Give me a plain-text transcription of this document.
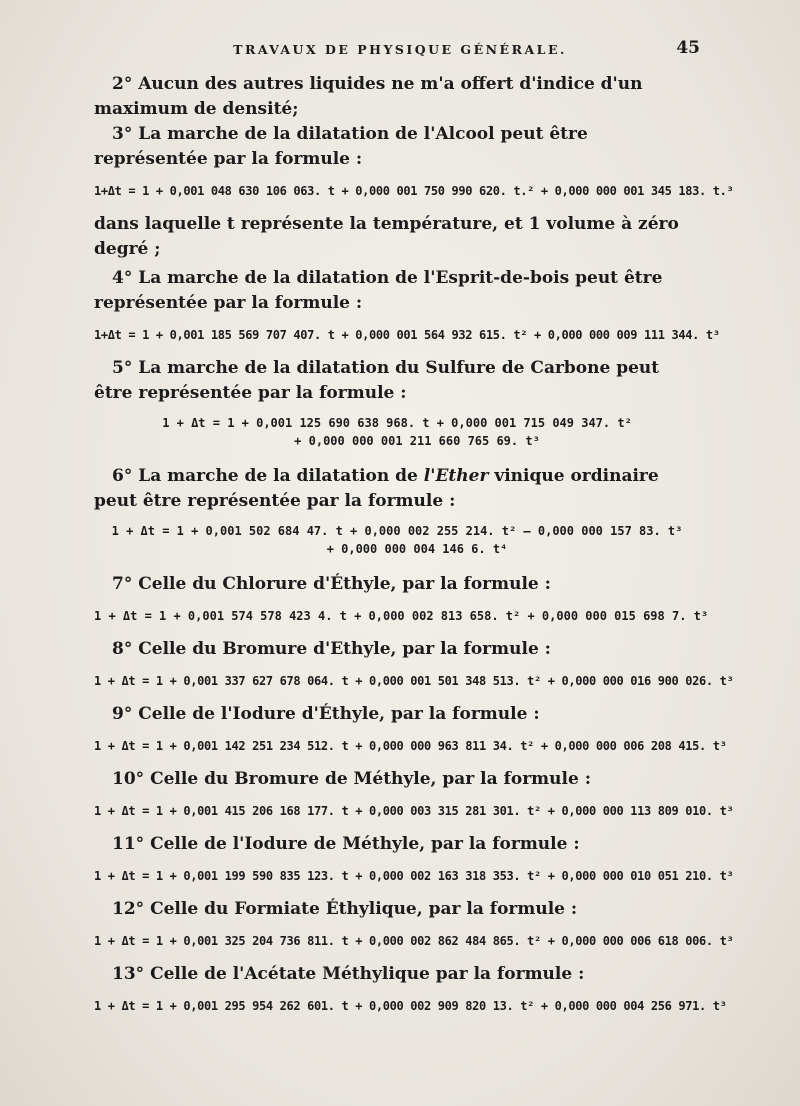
TRAVAUX DE PHYSIQUE GÉNÉRALE.	45

2° Aucun des autres liquides ne m'a offert d'indice d'un maximum de densité;

3° La marche de la dilatation de l'Alcool peut être représentée par la formule :

1+Δt = 1 + 0,001 048 630 106 063. t + 0,000 001 750 990 620. t.² + 0,000 000 001 345 183. t.³

dans laquelle t représente la température, et 1 volume à zéro degré ;

4° La marche de la dilatation de l'Esprit-de-bois peut être représentée par la formule :

1+Δt = 1 + 0,001 185 569 707 407. t + 0,000 001 564 932 615. t² + 0,000 000 009 111 344. t³

5° La marche de la dilatation du Sulfure de Carbone peut être représentée par la formule :

1 + Δt = 1 + 0,001 125 690 638 968. t + 0,000 001 715 049 347. t²
+ 0,000 000 001 211 660 765 69. t³

6° La marche de la dilatation de l'Ether vinique ordinaire peut être représentée par la formule :

1 + Δt = 1 + 0,001 502 684 47. t + 0,000 002 255 214. t² — 0,000 000 157 83. t³
+ 0,000 000 004 146 6. t⁴

7° Celle du Chlorure d'Éthyle, par la formule :

1 + Δt = 1 + 0,001 574 578 423 4. t + 0,000 002 813 658. t² + 0,000 000 015 698 7. t³

8° Celle du Bromure d'Ethyle, par la formule :

1 + Δt = 1 + 0,001 337 627 678 064. t + 0,000 001 501 348 513. t² + 0,000 000 016 900 026. t³

9° Celle de l'Iodure d'Éthyle, par la formule :

1 + Δt = 1 + 0,001 142 251 234 512. t + 0,000 000 963 811 34. t² + 0,000 000 006 208 415. t³

10° Celle du Bromure de Méthyle, par la formule :

1 + Δt = 1 + 0,001 415 206 168 177. t + 0,000 003 315 281 301. t² + 0,000 000 113 809 010. t³

11° Celle de l'Iodure de Méthyle, par la formule :

1 + Δt = 1 + 0,001 199 590 835 123. t + 0,000 002 163 318 353. t² + 0,000 000 010 051 210. t³

12° Celle du Formiate Éthylique, par la formule :

1 + Δt = 1 + 0,001 325 204 736 811. t + 0,000 002 862 484 865. t² + 0,000 000 006 618 006. t³

13° Celle de l'Acétate Méthylique par la formule :

1 + Δt = 1 + 0,001 295 954 262 601. t + 0,000 002 909 820 13. t² + 0,000 000 004 256 971. t³
